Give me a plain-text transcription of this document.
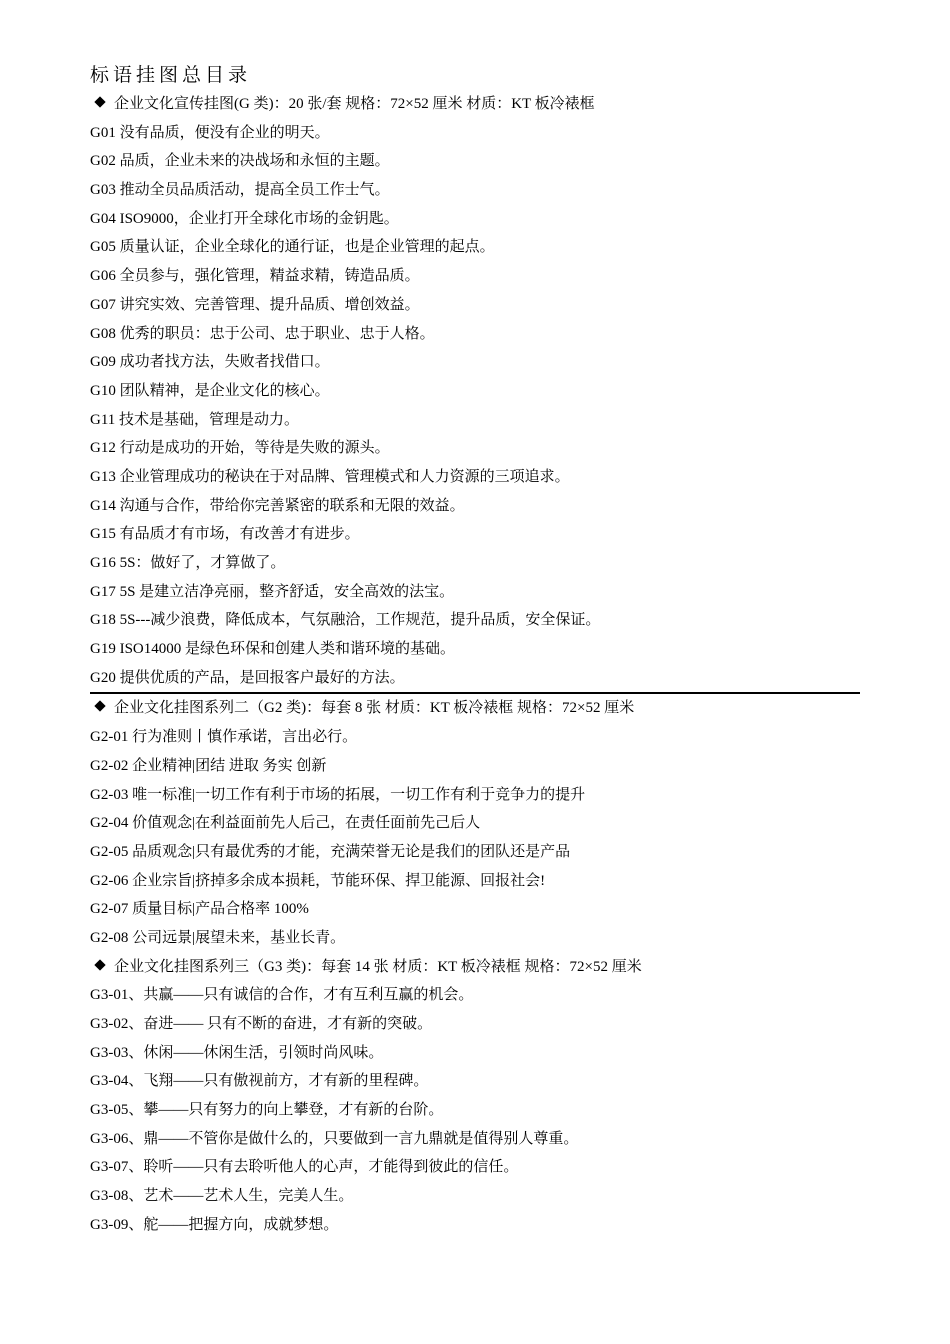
标语挂图总目录
企业文化宣传挂图(G 类)：20 张/套 规格：72×52 厘米 材质：KT 板冷裱框
G01 没有品质，便没有企业的明天。
G02 品质，企业未来的决战场和永恒的主题。
G03 推动全员品质活动，提高全员工作士气。
G04 ISO9000，企业打开全球化市场的金钥匙。
G05 质量认证，企业全球化的通行证，也是企业管理的起点。
G06 全员参与，强化管理，精益求精，铸造品质。
G07 讲究实效、完善管理、提升品质、增创效益。
G08 优秀的职员：忠于公司、忠于职业、忠于人格。
G09 成功者找方法，失败者找借口。
G10 团队精神，是企业文化的核心。
G11 技术是基础，管理是动力。
G12 行动是成功的开始，等待是失败的源头。
G13 企业管理成功的秘诀在于对品牌、管理模式和人力资源的三项追求。
G14 沟通与合作，带给你完善紧密的联系和无限的效益。
G15 有品质才有市场，有改善才有进步。
G16 5S：做好了，才算做了。
G17 5S 是建立洁净亮丽，整齐舒适，安全高效的法宝。
G18 5S---减少浪费，降低成本，气氛融洽，工作规范，提升品质，安全保证。
G19 ISO14000 是绿色环保和创建人类和谐环境的基础。
G20 提供优质的产品，是回报客户最好的方法。
企业文化挂图系列二（G2 类)：每套 8 张 材质：KT 板冷裱框 规格：72×52 厘米
G2-01 行为准则丨慎作承诺，言出必行。
G2-02 企业精神|团结 进取 务实 创新
G2-03 唯一标准|一切工作有利于市场的拓展，一切工作有利于竞争力的提升
G2-04 价值观念|在利益面前先人后己，在责任面前先己后人
G2-05 品质观念|只有最优秀的才能，充满荣誉无论是我们的团队还是产品
G2-06 企业宗旨|挤掉多余成本损耗，节能环保、捍卫能源、回报社会!
G2-07 质量目标|产品合格率 100%
G2-08 公司远景|展望未来，基业长青。
企业文化挂图系列三（G3 类)：每套 14 张 材质：KT 板冷裱框 规格：72×52 厘米
G3-01、共赢——只有诚信的合作，才有互利互赢的机会。
G3-02、奋进—— 只有不断的奋进，才有新的突破。
G3-03、休闲——休闲生活，引领时尚风味。
G3-04、飞翔——只有傲视前方，才有新的里程碑。
G3-05、攀——只有努力的向上攀登，才有新的台阶。
G3-06、鼎——不管你是做什么的，只要做到一言九鼎就是值得别人尊重。
G3-07、聆听——只有去聆听他人的心声，才能得到彼此的信任。
G3-08、艺术——艺术人生，完美人生。
G3-09、舵——把握方向，成就梦想。
